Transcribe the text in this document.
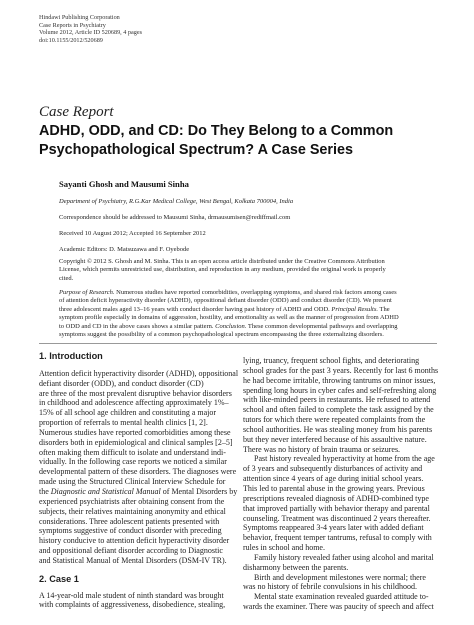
Hindawi Publishing Corporation
Case Reports in Psychiatry
Volume 2012, Article ID 520689, 4 pages
doi:10.1155/2012/520689
Case Report
ADHD, ODD, and CD: Do They Belong to a Common
Psychopathological Spectrum? A Case Series
Sayanti Ghosh and Mausumi Sinha
Department of Psychiatry, R.G.Kar Medical College, West Bengal, Kolkata 700004, India
Correspondence should be addressed to Mausumi Sinha, drmausumisen@rediffmail.com
Received 10 August 2012; Accepted 16 September 2012
Academic Editors: D. Matsuzawa and F. Oyebode
Copyright © 2012 S. Ghosh and M. Sinha. This is an open access article distributed under the Creative Commons Attribution
License, which permits unrestricted use, distribution, and reproduction in any medium, provided the original work is properly
cited.
Purpose of Research. Numerous studies have reported comorbidities, overlapping symptoms, and shared risk factors among cases
of attention deficit hyperactivity disorder (ADHD), oppositional defiant disorder (ODD) and conduct disorder (CD). We present
three adolescent males aged 13–16 years with conduct disorder having past history of ADHD and ODD. Principal Results. The
symptom profile especially in domains of aggression, hostility, and emotionality as well as the manner of progression from ADHD
to ODD and CD in the above cases shows a similar pattern. Conclusion. These common developmental pathways and overlapping
symptoms suggest the possibility of a common psychopathological spectrum encompassing the three externalizing disorders.
1. Introduction
Attention deficit hyperactivity disorder (ADHD), oppositional
defiant disorder (ODD), and conduct disorder (CD)
are three of the most prevalent disruptive behavior disorders
in childhood and adolescence affecting approximately 1%–
15% of all school age children and constituting a major
proportion of referrals to mental health clinics [1, 2].
Numerous studies have reported comorbidities among these
disorders both in epidemiological and clinical samples [2–5]
often making them difficult to isolate and understand indi-
vidually. In the following case reports we noticed a similar
developmental pattern of these disorders. The diagnoses were
made using the Structured Clinical Interview Schedule for
the Diagnostic and Statistical Manual of Mental Disorders by
experienced psychiatrists after obtaining consent from the
subjects, their relatives maintaining anonymity and ethical
considerations. Three adolescent patients presented with
symptoms suggestive of conduct disorder with preceding
history conducive to attention deficit hyperactivity disorder
and oppositional defiant disorder according to Diagnostic
and Statistical Manual of Mental Disorders (DSM-IV TR).
2. Case 1
A 14-year-old male student of ninth standard was brought
with complaints of aggressiveness, disobedience, stealing,
lying, truancy, frequent school fights, and deteriorating
school grades for the past 3 years. Recently for last 6 months
he had become irritable, throwing tantrums on minor issues,
spending long hours in cyber cafes and self-refreshing along
with like-minded peers in restaurants. He refused to attend
school and often failed to complete the task assigned by the
tutors for which there were repeated complaints from the
school authorities. He was stealing money from his parents
but they never interfered because of his assaultive nature.
There was no history of brain trauma or seizures.
Past history revealed hyperactivity at home from the age
of 3 years and subsequently disturbances of activity and
attention since 4 years of age during initial school years.
This led to parental abuse in the growing years. Previous
prescriptions revealed diagnosis of ADHD-combined type
that improved partially with behavior therapy and parental
counseling. Treatment was discontinued 2 years thereafter.
Symptoms reappeared 3-4 years later with added defiant
behavior, frequent temper tantrums, refusal to comply with
rules in school and home.
Family history revealed father using alcohol and marital
disharmony between the parents.
Birth and development milestones were normal; there
was no history of febrile convulsions in his childhood.
Mental state examination revealed guarded attitude to-
wards the examiner. There was paucity of speech and affect
